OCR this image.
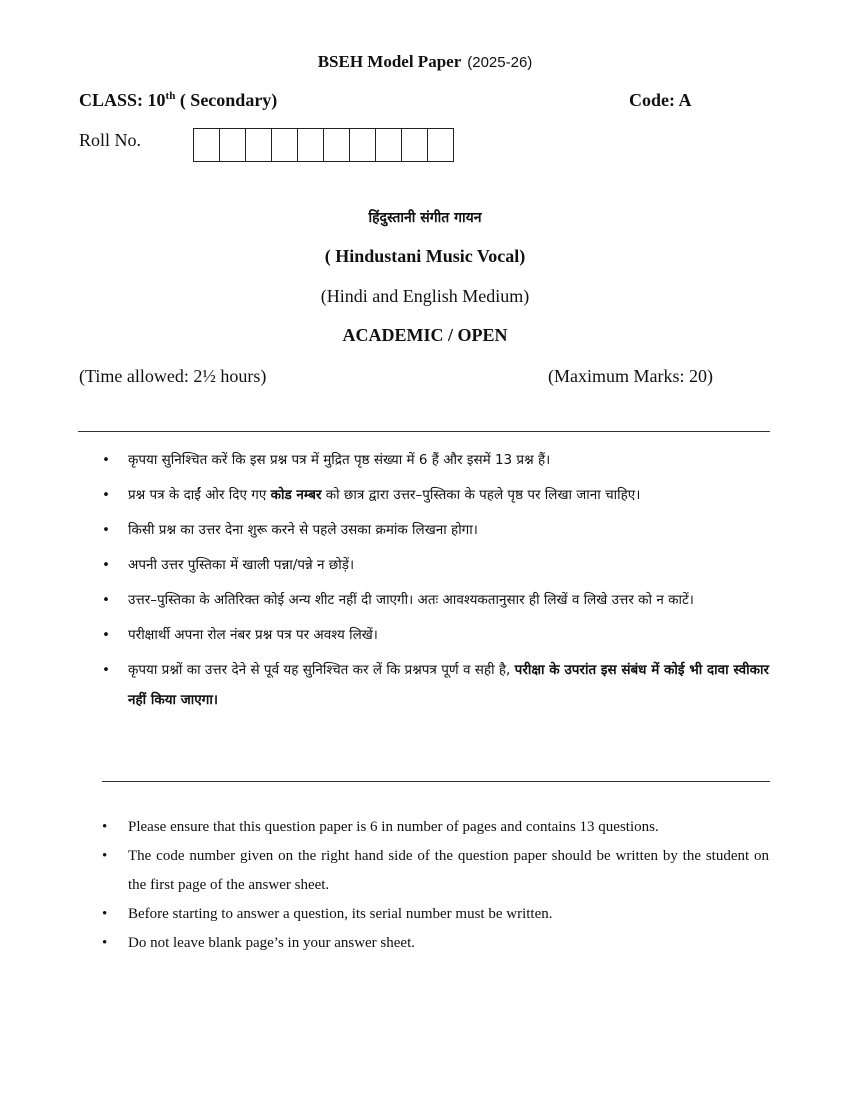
BSEH Model Paper (2025-26)
CLASS: 10th ( Secondary)	Code: A
Roll No.
हिंदुस्तानी संगीत गायन
( Hindustani Music Vocal)
(Hindi and English Medium)
ACADEMIC / OPEN
(Time allowed: 2½ hours)	(Maximum Marks: 20)
• कृपया सुनिश्चित करें कि इस प्रश्न पत्र में मुद्रित पृष्ठ संख्या में 6 हैं और इसमें 13 प्रश्न हैं।
• प्रश्न पत्र के दाईं ओर दिए गए कोड नम्बर को छात्र द्वारा उत्तर–पुस्तिका के पहले पृष्ठ पर लिखा जाना चाहिए।
• किसी प्रश्न का उत्तर देना शुरू करने से पहले उसका क्रमांक लिखना होगा।
• अपनी उत्तर पुस्तिका में खाली पन्ना/पन्ने न छोड़ें।
• उत्तर–पुस्तिका के अतिरिक्त कोई अन्य शीट नहीं दी जाएगी। अतः आवश्यकतानुसार ही लिखें व लिखे उत्तर को न काटें।
• परीक्षार्थी अपना रोल नंबर प्रश्न पत्र पर अवश्य लिखें।
• कृपया प्रश्नों का उत्तर देने से पूर्व यह सुनिश्चित कर लें कि प्रश्नपत्र पूर्ण व सही है, परीक्षा के उपरांत इस संबंध में कोई भी दावा स्वीकार नहीं किया जाएगा।
• Please ensure that this question paper is 6 in number of pages and contains 13 questions.
• The code number given on the right hand side of the question paper should be written by the student on the first page of the answer sheet.
• Before starting to answer a question, its serial number must be written.
• Do not leave blank page’s in your answer sheet.
